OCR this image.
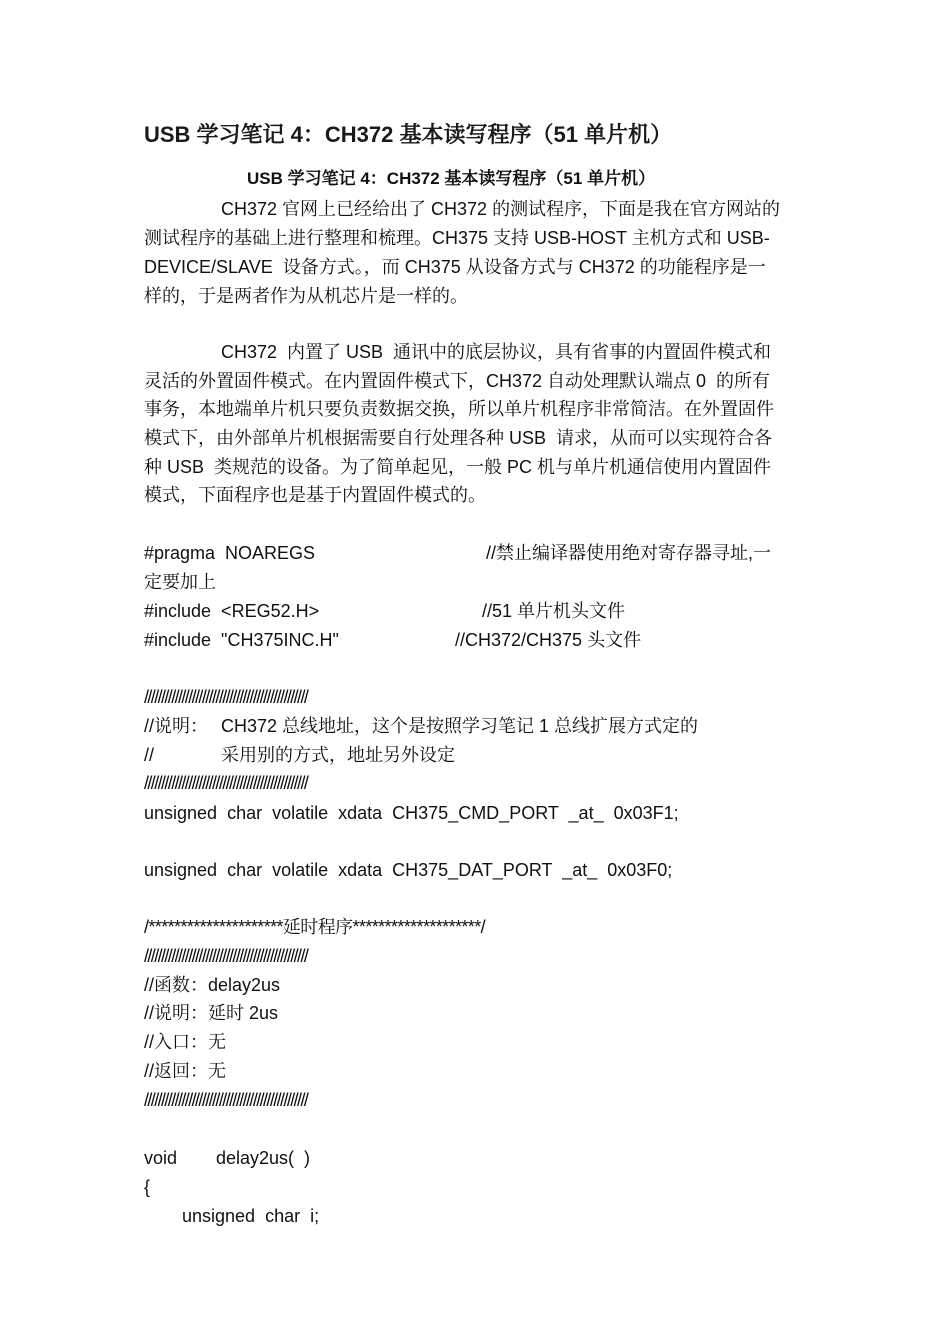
USB 学习笔记 4：CH372 基本读写程序（51 单片机）
USB 学习笔记 4：CH372 基本读写程序（51 单片机）
CH372 官网上已经给出了 CH372 的测试程序，下面是我在官方网站的
测试程序的基础上进行整理和梳理。CH375 支持 USB-HOST 主机方式和 USB-
DEVICE/SLAVE  设备方式。，而 CH375 从设备方式与 CH372 的功能程序是一
样的，于是两者作为从机芯片是一样的。
CH372  内置了 USB  通讯中的底层协议，具有省事的内置固件模式和
灵活的外置固件模式。在内置固件模式下，CH372 自动处理默认端点 0  的所有
事务，本地端单片机只要负责数据交换，所以单片机程序非常简洁。在外置固件
模式下，由外部单片机根据需要自行处理各种 USB  请求，从而可以实现符合各
种 USB  类规范的设备。为了简单起见，一般 PC 机与单片机通信使用内置固件
模式，下面程序也是基于内置固件模式的。
#pragma  NOAREGS	//禁止编译器使用绝对寄存器寻址,一
定要加上
#include  <REG52.H>	//51 单片机头文件
#include  "CH375INC.H"	//CH372/CH375 头文件
////////////////////////////////////////////////
//说明： CH372 总线地址，这个是按照学习笔记 1 总线扩展方式定的
//	采用别的方式，地址另外设定
////////////////////////////////////////////////
unsigned  char  volatile  xdata  CH375_CMD_PORT  _at_  0x03F1;
unsigned  char  volatile  xdata  CH375_DAT_PORT  _at_  0x03F0;
/*********************延时程序********************/
////////////////////////////////////////////////
//函数：delay2us
//说明：延时 2us
//入口：无
//返回：无
////////////////////////////////////////////////
void delay2us(  )
{
unsigned  char  i;
